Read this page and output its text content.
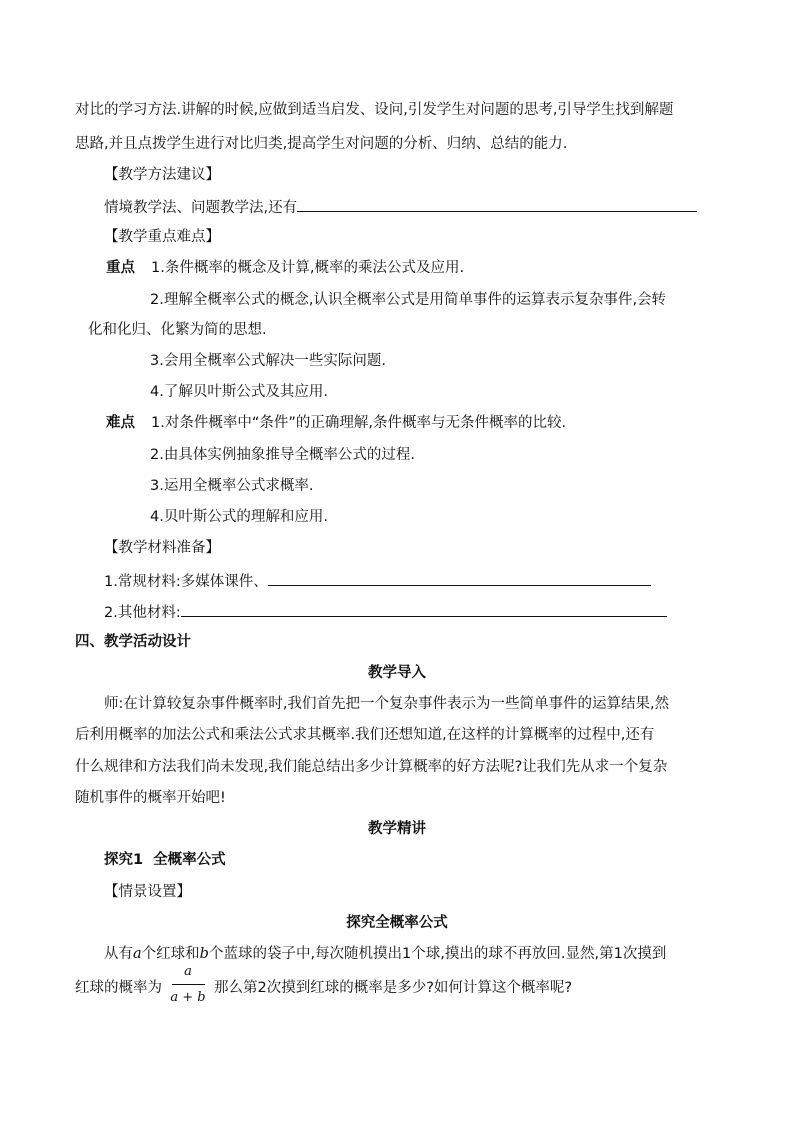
对比的学习方法.讲解的时候,应做到适当启发、设问,引发学生对问题的思考,引导学生找到解题
思路,并且点拨学生进行对比归类,提高学生对问题的分析、归纳、总结的能力.
【教学方法建议】
情境教学法、问题教学法,还有
【教学重点难点】
重点 1.条件概率的概念及计算,概率的乘法公式及应用.
2.理解全概率公式的概念,认识全概率公式是用简单事件的运算表示复杂事件,会转
化和化归、化繁为简的思想.
3.会用全概率公式解决一些实际问题.
4.了解贝叶斯公式及其应用.
难点 1.对条件概率中“条件”的正确理解,条件概率与无条件概率的比较.
2.由具体实例抽象推导全概率公式的过程.
3.运用全概率公式求概率.
4.贝叶斯公式的理解和应用.
【教学材料准备】
1.常规材料:多媒体课件、
2.其他材料:
四、教学活动设计
教学导入
师:在计算较复杂事件概率时,我们首先把一个复杂事件表示为一些简单事件的运算结果,然
后利用概率的加法公式和乘法公式求其概率.我们还想知道,在这样的计算概率的过程中,还有
什么规律和方法我们尚未发现,我们能总结出多少计算概率的好方法呢?让我们先从求一个复杂
随机事件的概率开始吧!
教学精讲
探究1  全概率公式
【情景设置】
探究全概率公式
从有a个红球和b个蓝球的袋子中,每次随机摸出1个球,摸出的球不再放回.显然,第1次摸到
红球的概率为
a
a + b
那么第2次摸到红球的概率是多少?如何计算这个概率呢?
